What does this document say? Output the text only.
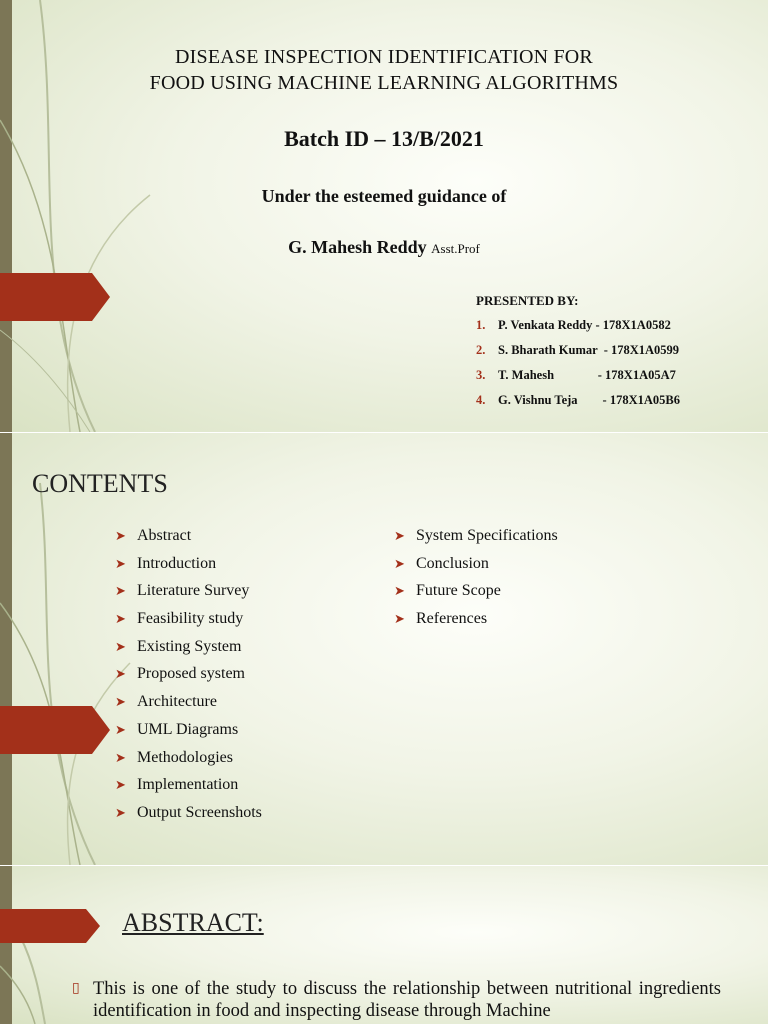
DISEASE INSPECTION IDENTIFICATION FOR
FOOD USING MACHINE LEARNING ALGORITHMS
Batch ID – 13/B/2021
Under the esteemed guidance of
G. Mahesh Reddy Asst.Prof
PRESENTED BY:
1. P. Venkata Reddy - 178X1A0582
2. S. Bharath Kumar  - 178X1A0599
3. T. Mahesh              - 178X1A05A7
4. G. Vishnu Teja        - 178X1A05B6
CONTENTS
➤ Abstract
➤ Introduction
➤ Literature Survey
➤ Feasibility study
➤ Existing System
➤ Proposed system
➤ Architecture
➤ UML Diagrams
➤ Methodologies
➤ Implementation
➤ Output Screenshots
➤ System Specifications
➤ Conclusion
➤ Future Scope
➤ References
ABSTRACT:
▯ This is one of the study to discuss the relationship between nutritional ingredients identification in food and inspecting disease through Machine
